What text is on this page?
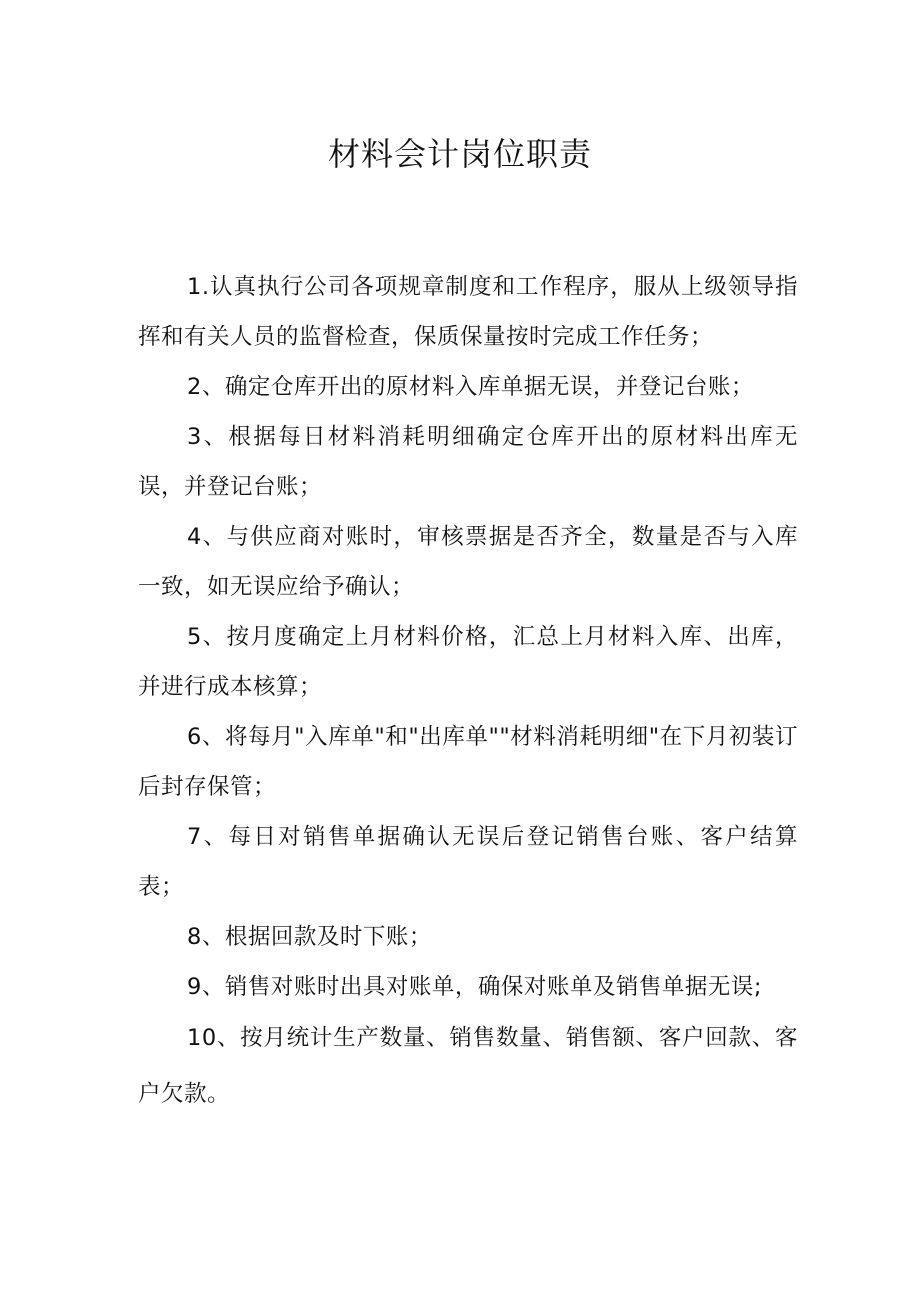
材料会计岗位职责

1.认真执行公司各项规章制度和工作程序，服从上级领导指挥和有关人员的监督检查，保质保量按时完成工作任务；

2、确定仓库开出的原材料入库单据无误，并登记台账；

3、根据每日材料消耗明细确定仓库开出的原材料出库无误，并登记台账；

4、与供应商对账时，审核票据是否齐全，数量是否与入库一致，如无误应给予确认；

5、按月度确定上月材料价格，汇总上月材料入库、出库，并进行成本核算；

6、将每月"入库单"和"出库单""材料消耗明细"在下月初装订后封存保管；

7、每日对销售单据确认无误后登记销售台账、客户结算表；

8、根据回款及时下账；

9、销售对账时出具对账单，确保对账单及销售单据无误;

10、按月统计生产数量、销售数量、销售额、客户回款、客户欠款。
